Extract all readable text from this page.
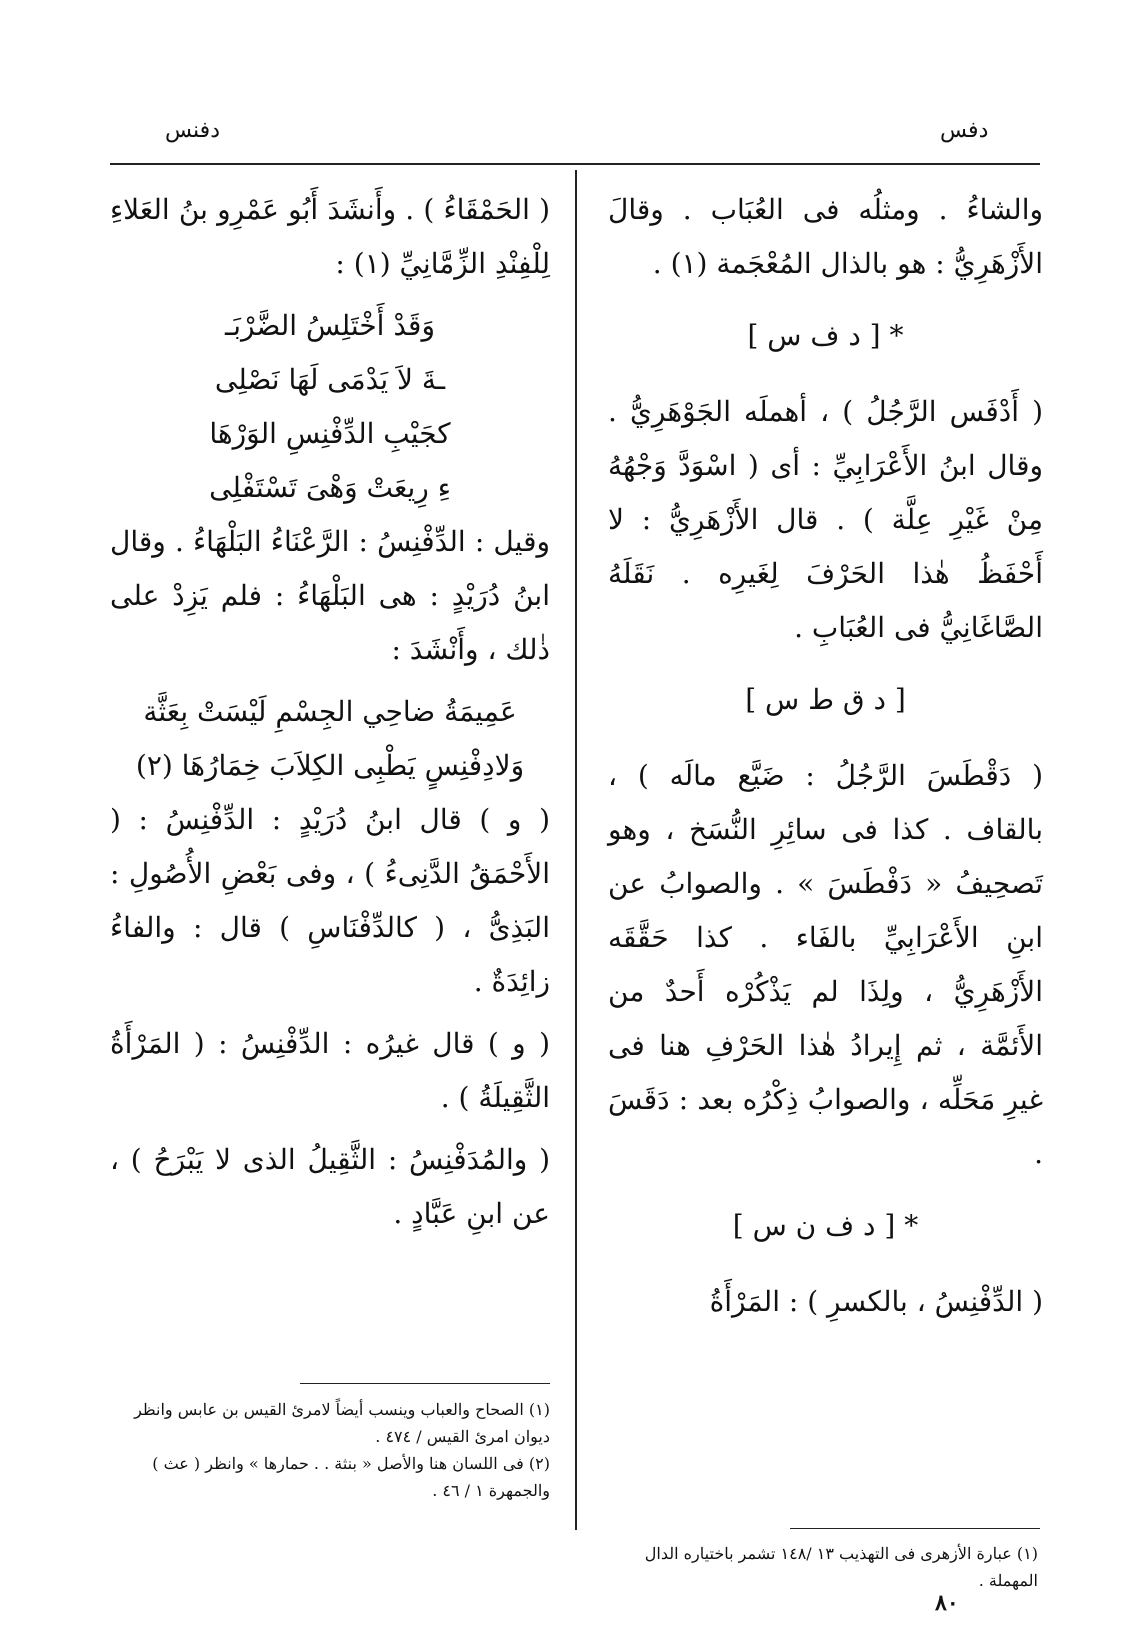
دفس
دفنس

والشاءُ . ومثلُه فى العُبَاب . وقالَ الأَزْهَرِيُّ : هو بالذال المُعْجَمة (١) .

* [ د ف س ]

( أَدْفَس الرَّجُلُ ) ، أهملَه الجَوْهَرِيُّ . وقال ابنُ الأَعْرَابِيِّ : أى ( اسْوَدَّ وَجْهُهُ مِنْ غَيْرِ عِلَّة ) . قال الأَزْهَرِيُّ : لا أَحْفَظُ هٰذا الحَرْفَ لِغَيرِه . نَقَلَهُ الصَّاغَانِيُّ فى العُبَابِ .

[ د ق ط س ]

( دَقْطَسَ الرَّجُلُ : ضَيَّع مالَه ) ، بالقاف . كذا فى سائِرِ النُّسَخ ، وهو تَصحِيفُ « دَفْطَسَ » . والصوابُ عن ابنِ الأَعْرَابِيِّ بالفَاء . كذا حَقَّقَه الأَزْهَرِيُّ ، ولِذَا لم يَذْكُرْه أَحدٌ من الأَئمَّة ، ثم إِيرادُ هٰذا الحَرْفِ هنا فى غيرِ مَحَلِّه ، والصوابُ ذِكْرُه بعد : دَقَسَ .

* [ د ف ن س ]

( الدِّفْنِسُ ، بالكسرِ ) : المَرْأَةُ

( الحَمْقَاءُ ) . وأَنشَدَ أَبُو عَمْرِو بنُ العَلاءِ لِلْفِنْدِ الزِّمَّانِيِّ (١) :

وَقَدْ أَخْتَلِسُ الضَّرْبَـ

ـةَ لاَ يَدْمَى لَهَا نَصْلِى

كجَيْبِ الدِّفْنِسِ الوَرْهَا

ءِ رِيعَتْ وَهْىَ تَسْتَفْلِى

وقيل : الدِّفْنِسُ : الرَّعْنَاءُ البَلْهَاءُ . وقال ابنُ دُرَيْدٍ : هى البَلْهَاءُ : فلم يَزِدْ على ذٰلك ، وأَنْشَدَ :

عَمِيمَةُ ضاحِي الجِسْمِ لَيْسَتْ بِعَثَّة

وَلادِفْنِسٍ يَطْبِى الكِلاَبَ خِمَارُهَا (٢)

( و ) قال ابنُ دُرَيْدٍ : الدِّفْنِسُ : ( الأَحْمَقُ الدَّنِىءُ ) ، وفى بَعْضِ الأُصُولِ : البَذِىُّ ، ( كالدِّفْنَاسِ ) قال : والفاءُ زائِدَةٌ .

( و ) قال غيرُه : الدِّفْنِسُ : ( المَرْأَةُ الثَّقِيلَةُ ) .

( والمُدَفْنِسُ : الثَّقِيلُ الذى لا يَبْرَحُ ) ، عن ابنِ عَبَّادٍ .

(١) عبارة الأزهرى فى التهذيب ١٣ /١٤٨ تشمر باختياره الدال المهملة .
(١) الصحاح والعباب وينسب أيضاً لامرئ القيس بن عابس وانظر ديوان امرئ القيس / ٤٧٤ .
(٢) فى اللسان هنا والأصل « بنثة . . حمارها » وانظر ( عث ) والجمهرة ١ / ٤٦ .
٨٠
